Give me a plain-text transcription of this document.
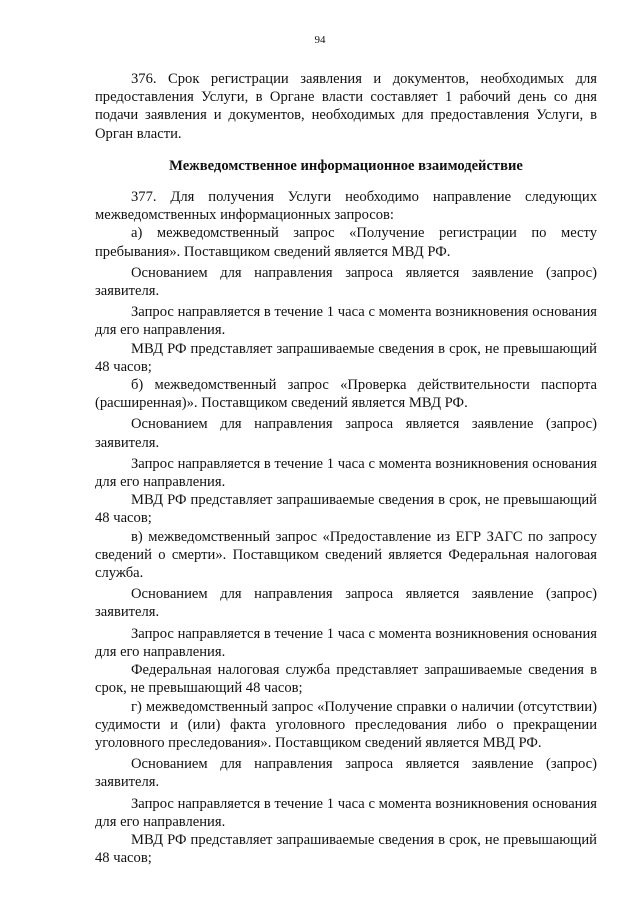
94

376. Срок регистрации заявления и документов, необходимых для предоставления Услуги, в Органе власти составляет 1 рабочий день со дня подачи заявления и документов, необходимых для предоставления Услуги, в Орган власти.

Межведомственное информационное взаимодействие

377. Для получения Услуги необходимо направление следующих межведомственных информационных запросов:

а) межведомственный запрос «Получение регистрации по месту пребывания». Поставщиком сведений является МВД РФ.

Основанием для направления запроса является заявление (запрос) заявителя.

Запрос направляется в течение 1 часа с момента возникновения основания для его направления.

МВД РФ представляет запрашиваемые сведения в срок, не превышающий 48 часов;

б) межведомственный запрос «Проверка действительности паспорта (расширенная)». Поставщиком сведений является МВД РФ.

Основанием для направления запроса является заявление (запрос) заявителя.

Запрос направляется в течение 1 часа с момента возникновения основания для его направления.

МВД РФ представляет запрашиваемые сведения в срок, не превышающий 48 часов;

в) межведомственный запрос «Предоставление из ЕГР ЗАГС по запросу сведений о смерти». Поставщиком сведений является Федеральная налоговая служба.

Основанием для направления запроса является заявление (запрос) заявителя.

Запрос направляется в течение 1 часа с момента возникновения основания для его направления.

Федеральная налоговая служба представляет запрашиваемые сведения в срок, не превышающий 48 часов;

г) межведомственный запрос «Получение справки о наличии (отсутствии) судимости и (или) факта уголовного преследования либо о прекращении уголовного преследования». Поставщиком сведений является МВД РФ.

Основанием для направления запроса является заявление (запрос) заявителя.

Запрос направляется в течение 1 часа с момента возникновения основания для его направления.

МВД РФ представляет запрашиваемые сведения в срок, не превышающий 48 часов;
